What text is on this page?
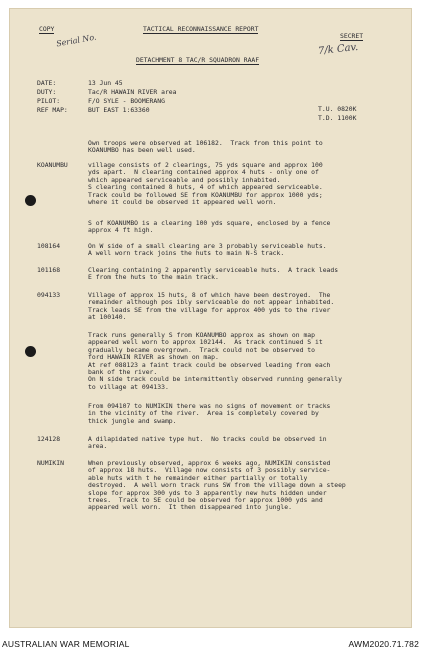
COPY	TACTICAL RECONNAISSANCE REPORT
SECRET
DETACHMENT 8 TAC/R SQUADRON RAAF
Serial No.
7/k Cav.
DATE:	13 Jun 45
DUTY:	Tac/R HAWAIN RIVER area
PILOT:	F/O SYLE - BOOMERANG
REF MAP:	BUT EAST 1:63360	T.U. 0820K
T.D. 1100K
Own troops were observed at 106182.  Track from this point to
KOANUMBO has been well used.
KOANUMBU	village consists of 2 clearings, 75 yds square and approx 100
yds apart.  N clearing contained approx 4 huts - only one of
which appeared serviceable and possibly inhabited.
S clearing contained 8 huts, 4 of which appeared serviceable.
Track could be followed SE from KOANUMBU for approx 1000 yds;
where it could be observed it appeared well worn.
S of KOANUMBO is a clearing 100 yds square, enclosed by a fence
approx 4 ft high.
108164	On W side of a small clearing are 3 probably serviceable huts.
A well worn track joins the huts to main N-S track.
101168	Clearing containing 2 apparently serviceable huts.  A track leads
E from the huts to the main track.
094133	Village of approx 15 huts, 8 of which have been destroyed.  The
remainder although pos ibly serviceable do not appear inhabited.
Track leads SE from the village for approx 400 yds to the river
at 100140.
Track runs generally S from KOANUMBO approx as shown on map
appeared well worn to approx 102144.  As track continued S it
gradually became overgrown.  Track could not be observed to
ford HAWAIN RIVER as shown on map.
At ref 088123 a faint track could be observed leading from each
bank of the river.
On N side track could be intermittently observed running generally
to village at 094133.
From 094107 to NUMIKIN there was no signs of movement or tracks
in the vicinity of the river.  Area is completely covered by
thick jungle and swamp.
124128	A dilapidated native type hut.  No tracks could be observed in
area.
NUMIKIN	When previously observed, approx 6 weeks ago, NUMIKIN consisted
of approx 18 huts.  Village now consists of 3 possibly service-
able huts with t he remainder either partially or totally
destroyed.  A well worn track runs SW from the village down a steep
slope for approx 300 yds to 3 apparently new huts hidden under
trees.  Track to SE could be observed for approx 1000 yds and
appeared well worn.  It then disappeared into jungle.
AUSTRALIAN WAR MEMORIAL	AWM2020.71.782
